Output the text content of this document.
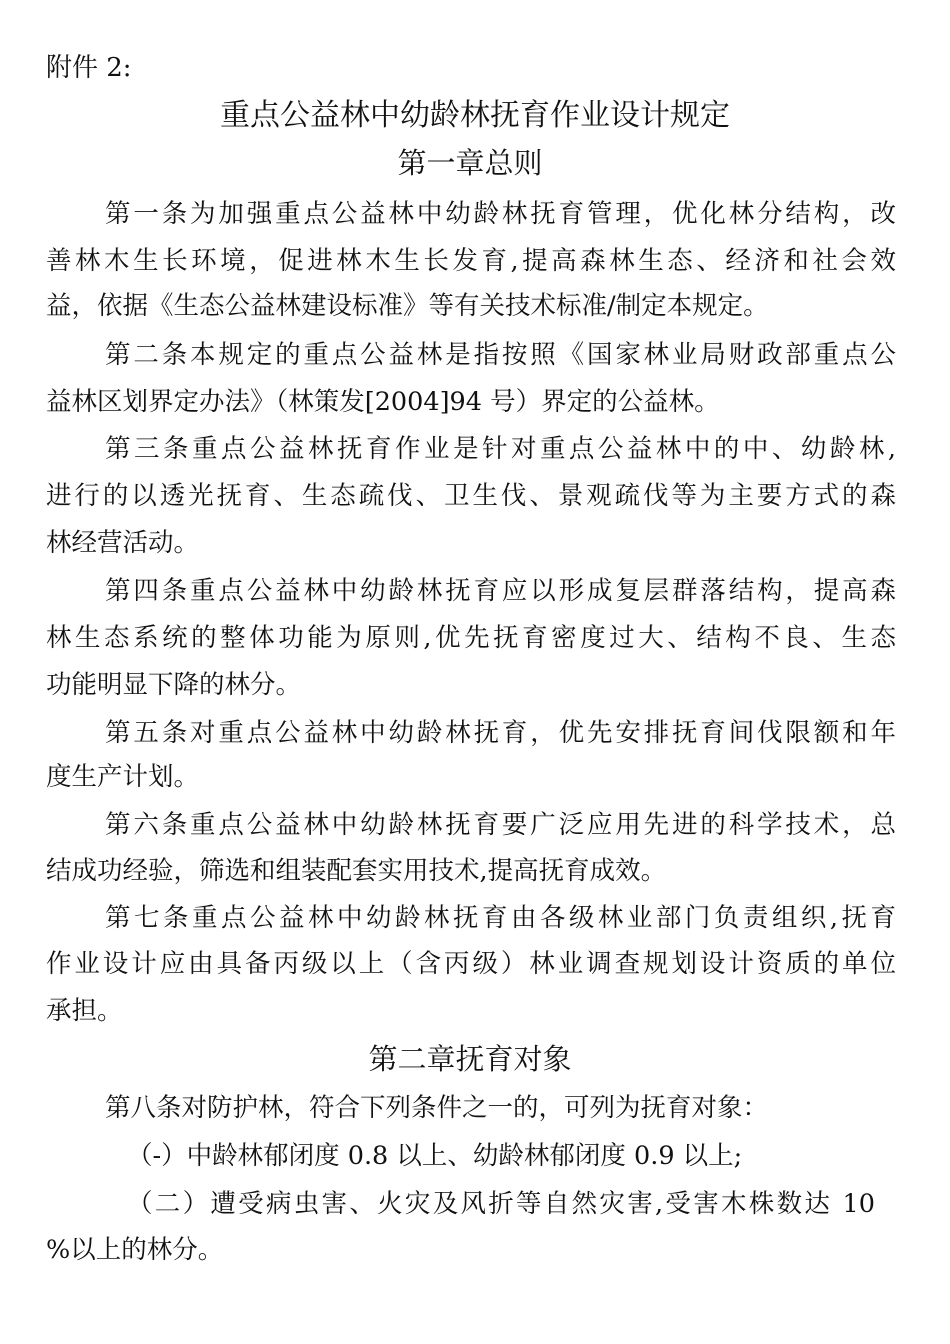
附件 2:
重点公益林中幼龄林抚育作业设计规定
第一章总则
第一条为加强重点公益林中幼龄林抚育管理，优化林分结构，改
善林木生长环境，促进林木生长发育,提高森林生态、经济和社会效
益，依据《生态公益林建设标准》等有关技术标准/制定本规定。
第二条本规定的重点公益林是指按照《国家林业局财政部重点公
益林区划界定办法》（林策发[2004]94 号）界定的公益林。
第三条重点公益林抚育作业是针对重点公益林中的中、幼龄林,
进行的以透光抚育、生态疏伐、卫生伐、景观疏伐等为主要方式的森
林经营活动。
第四条重点公益林中幼龄林抚育应以形成复层群落结构，提高森
林生态系统的整体功能为原则,优先抚育密度过大、结构不良、生态
功能明显下降的林分。
第五条对重点公益林中幼龄林抚育，优先安排抚育间伐限额和年
度生产计划。
第六条重点公益林中幼龄林抚育要广泛应用先进的科学技术，总
结成功经验，筛选和组装配套实用技术,提高抚育成效。
第七条重点公益林中幼龄林抚育由各级林业部门负责组织,抚育
作业设计应由具备丙级以上（含丙级）林业调查规划设计资质的单位
承担。
第二章抚育对象
第八条对防护林，符合下列条件之一的，可列为抚育对象：
（-）中龄林郁闭度 0.8 以上、幼龄林郁闭度 0.9 以上;
（二）遭受病虫害、火灾及风折等自然灾害,受害木株数达 10
%以上的林分。
